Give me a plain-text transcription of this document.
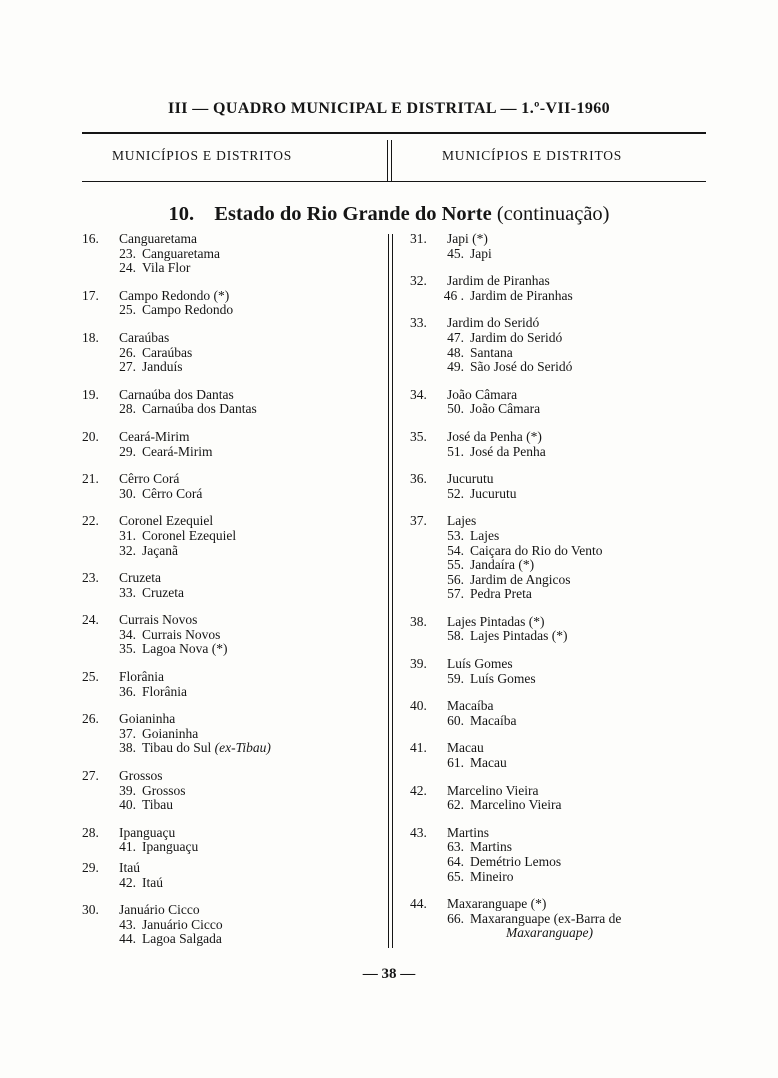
III — QUADRO MUNICIPAL E DISTRITAL — 1.º-VII-1960
MUNICÍPIOS E DISTRITOS	MUNICÍPIOS E DISTRITOS
10. Estado do Rio Grande do Norte (continuação)
16. Canguaretama
23. Canguaretama
24. Vila Flor
17. Campo Redondo (*)
25. Campo Redondo
18. Caraúbas
26. Caraúbas
27. Janduís
19. Carnaúba dos Dantas
28. Carnaúba dos Dantas
20. Ceará-Mirim
29. Ceará-Mirim
21. Cêrro Corá
30. Cêrro Corá
22. Coronel Ezequiel
31. Coronel Ezequiel
32. Jaçanã
23. Cruzeta
33. Cruzeta
24. Currais Novos
34. Currais Novos
35. Lagoa Nova (*)
25. Florânia
36. Florânia
26. Goianinha
37. Goianinha
38. Tibau do Sul (ex-Tibau)
27. Grossos
39. Grossos
40. Tibau
28. Ipanguaçu
41. Ipanguaçu
29. Itaú
42. Itaú
30. Januário Cicco
43. Januário Cicco
44. Lagoa Salgada
31. Japi (*)
45. Japi
32. Jardim de Piranhas
46 . Jardim de Piranhas
33. Jardim do Seridó
47. Jardim do Seridó
48. Santana
49. São José do Seridó
34. João Câmara
50. João Câmara
35. José da Penha (*)
51. José da Penha
36. Jucurutu
52. Jucurutu
37. Lajes
53. Lajes
54. Caiçara do Rio do Vento
55. Jandaíra (*)
56. Jardim de Angicos
57. Pedra Preta
38. Lajes Pintadas (*)
58. Lajes Pintadas (*)
39. Luís Gomes
59. Luís Gomes
40. Macaíba
60. Macaíba
41. Macau
61. Macau
42. Marcelino Vieira
62. Marcelino Vieira
43. Martins
63. Martins
64. Demétrio Lemos
65. Mineiro
44. Maxaranguape (*)
66. Maxaranguape (ex-Barra de
Maxaranguape)
— 38 —
